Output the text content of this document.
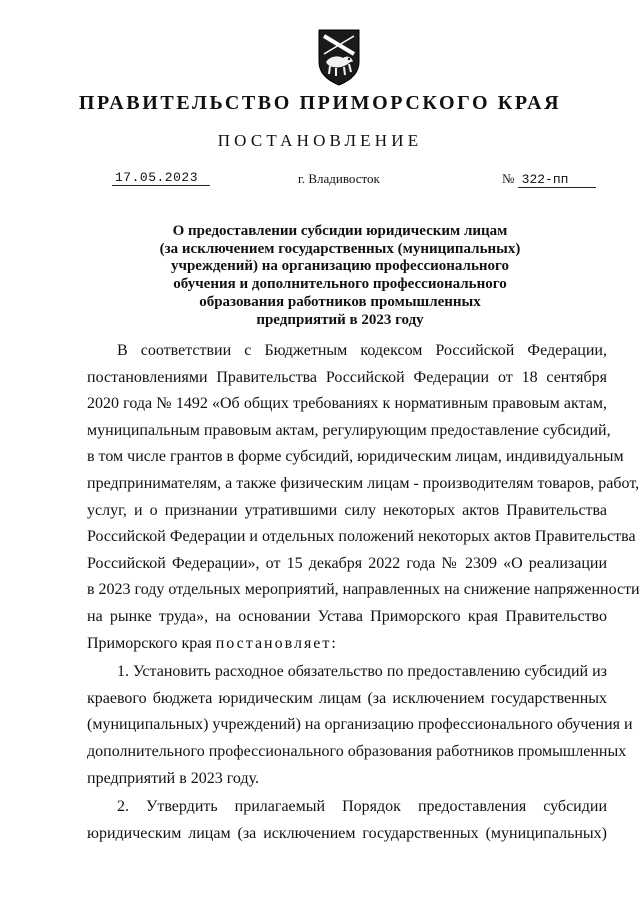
ПРАВИТЕЛЬСТВО ПРИМОРСКОГО КРАЯ
ПОСТАНОВЛЕНИЕ
17.05.2023	г. Владивосток	№ 322-пп
О предоставлении субсидии юридическим лицам
(за исключением государственных (муниципальных)
учреждений) на организацию профессионального
обучения и дополнительного профессионального
образования работников промышленных
предприятий в 2023 году
В соответствии с Бюджетным кодексом Российской Федерации,
постановлениями Правительства Российской Федерации от 18 сентября
2020 года № 1492 «Об общих требованиях к нормативным правовым актам,
муниципальным правовым актам, регулирующим предоставление субсидий,
в том числе грантов в форме субсидий, юридическим лицам, индивидуальным
предпринимателям, а также физическим лицам - производителям товаров, работ,
услуг, и о признании утратившими силу некоторых актов Правительства
Российской Федерации и отдельных положений некоторых актов Правительства
Российской Федерации», от 15 декабря 2022 года № 2309 «О реализации
в 2023 году отдельных мероприятий, направленных на снижение напряженности
на рынке труда», на основании Устава Приморского края Правительство
Приморского края постановляет:
1. Установить расходное обязательство по предоставлению субсидий из
краевого бюджета юридическим лицам (за исключением государственных
(муниципальных) учреждений) на организацию профессионального обучения и
дополнительного профессионального образования работников промышленных
предприятий в 2023 году.
2. Утвердить прилагаемый Порядок предоставления субсидии
юридическим лицам (за исключением государственных (муниципальных)
